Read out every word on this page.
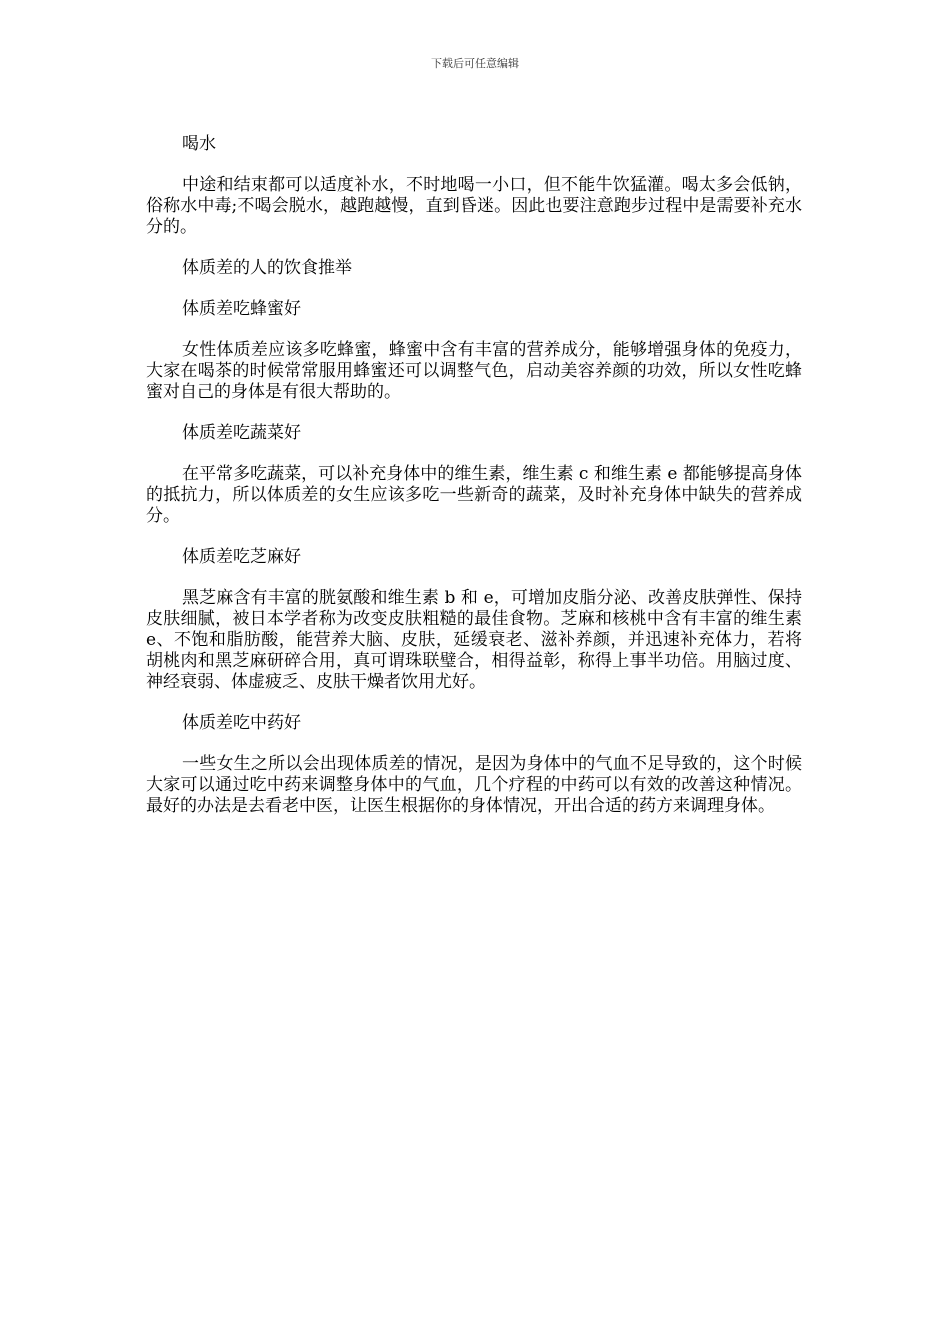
下载后可任意编辑

喝水

中途和结束都可以适度补水，不时地喝一小口，但不能牛饮猛灌。喝太多会低钠，俗称水中毒;不喝会脱水，越跑越慢，直到昏迷。因此也要注意跑步过程中是需要补充水分的。

体质差的人的饮食推举

体质差吃蜂蜜好

女性体质差应该多吃蜂蜜，蜂蜜中含有丰富的营养成分，能够增强身体的免疫力，大家在喝茶的时候常常服用蜂蜜还可以调整气色，启动美容养颜的功效，所以女性吃蜂蜜对自己的身体是有很大帮助的。

体质差吃蔬菜好

在平常多吃蔬菜，可以补充身体中的维生素，维生素 c 和维生素 e 都能够提高身体的抵抗力，所以体质差的女生应该多吃一些新奇的蔬菜，及时补充身体中缺失的营养成分。

体质差吃芝麻好

黑芝麻含有丰富的胱氨酸和维生素 b 和 e，可增加皮脂分泌、改善皮肤弹性、保持皮肤细腻，被日本学者称为改变皮肤粗糙的最佳食物。芝麻和核桃中含有丰富的维生素 e、不饱和脂肪酸，能营养大脑、皮肤，延缓衰老、滋补养颜，并迅速补充体力，若将胡桃肉和黑芝麻研碎合用，真可谓珠联璧合，相得益彰，称得上事半功倍。用脑过度、神经衰弱、体虚疲乏、皮肤干燥者饮用尤好。

体质差吃中药好

一些女生之所以会出现体质差的情况，是因为身体中的气血不足导致的，这个时候大家可以通过吃中药来调整身体中的气血，几个疗程的中药可以有效的改善这种情况。最好的办法是去看老中医，让医生根据你的身体情况，开出合适的药方来调理身体。
